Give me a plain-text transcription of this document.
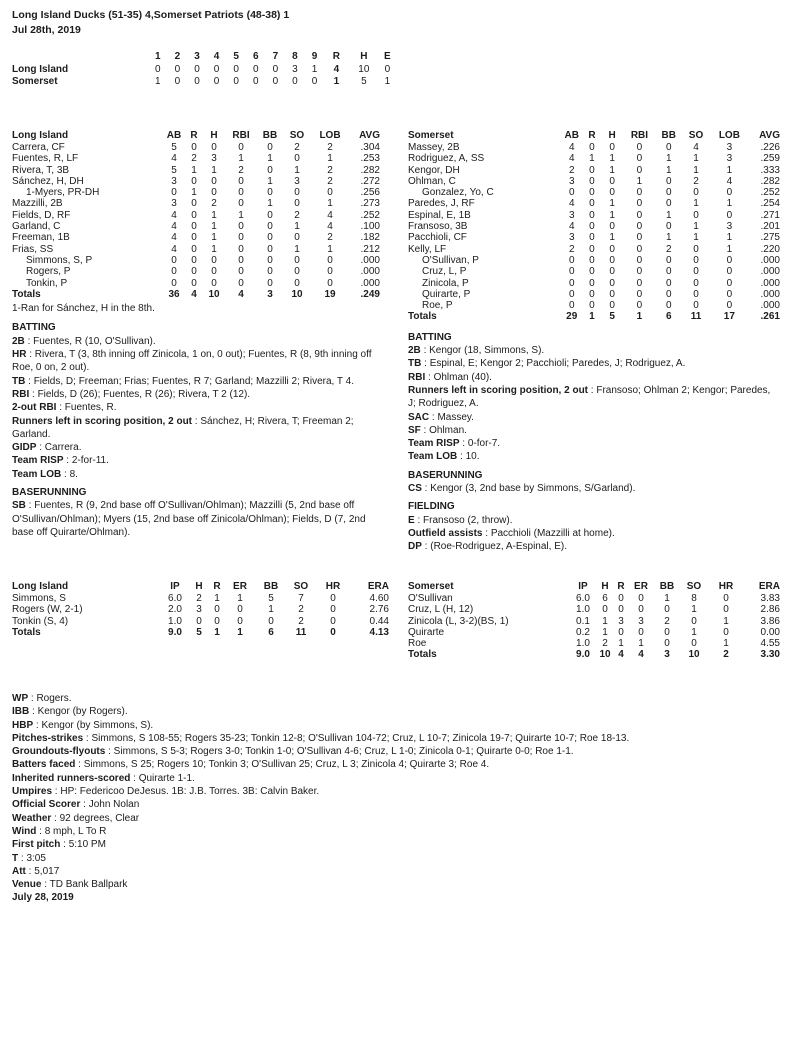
Long Island Ducks (51-35) 4,Somerset Patriots (48-38) 1
Jul 28th, 2019
	1	2	3	4	5	6	7	8	9	R	H	E
Long Island	0	0	0	0	0	0	0	3	1	4	10	0
Somerset	1	0	0	0	0	0	0	0	0	1	5	1
Long Island	AB	R	H	RBI	BB	SO	LOB	AVG
Carrera, CF	5	0	0	0	0	2	2	.304
Fuentes, R, LF	4	2	3	1	1	0	1	.253
Rivera, T, 3B	5	1	1	2	0	1	2	.282
Sánchez, H, DH	3	0	0	0	1	3	2	.272
1-Myers, PR-DH	0	1	0	0	0	0	0	.256
Mazzilli, 2B	3	0	2	0	1	0	1	.273
Fields, D, RF	4	0	1	1	0	2	4	.252
Garland, C	4	0	1	0	0	1	4	.100
Freeman, 1B	4	0	1	0	0	0	2	.182
Frias, SS	4	0	1	0	0	1	1	.212
Simmons, S, P	0	0	0	0	0	0	0	.000
Rogers, P	0	0	0	0	0	0	0	.000
Tonkin, P	0	0	0	0	0	0	0	.000
Totals	36	4	10	4	3	10	19	.249
1-Ran for Sánchez, H in the 8th.
BATTING
2B : Fuentes, R (10, O'Sullivan).
HR : Rivera, T (3, 8th inning off Zinicola, 1 on, 0 out); Fuentes, R (8, 9th inning off Roe, 0 on, 2 out).
TB : Fields, D; Freeman; Frias; Fuentes, R 7; Garland; Mazzilli 2; Rivera, T 4.
RBI : Fields, D (26); Fuentes, R (26); Rivera, T 2 (12).
2-out RBI : Fuentes, R.
Runners left in scoring position, 2 out : Sánchez, H; Rivera, T; Freeman 2; Garland.
GIDP : Carrera.
Team RISP : 2-for-11.
Team LOB : 8.
BASERUNNING
SB : Fuentes, R (9, 2nd base off O'Sullivan/Ohlman); Mazzilli (5, 2nd base off O'Sullivan/Ohlman); Myers (15, 2nd base off Zinicola/Ohlman); Fields, D (7, 2nd base off Quirarte/Ohlman).
Somerset	AB	R	H	RBI	BB	SO	LOB	AVG
Massey, 2B	4	0	0	0	0	4	3	.226
Rodriguez, A, SS	4	1	1	0	1	1	3	.259
Kengor, DH	2	0	1	0	1	1	1	.333
Ohlman, C	3	0	0	1	0	2	4	.282
Gonzalez, Yo, C	0	0	0	0	0	0	0	.252
Paredes, J, RF	4	0	1	0	0	1	1	.254
Espinal, E, 1B	3	0	1	0	1	0	0	.271
Fransoso, 3B	4	0	0	0	0	1	3	.201
Pacchioli, CF	3	0	1	0	1	1	1	.275
Kelly, LF	2	0	0	0	2	0	1	.220
O'Sullivan, P	0	0	0	0	0	0	0	.000
Cruz, L, P	0	0	0	0	0	0	0	.000
Zinicola, P	0	0	0	0	0	0	0	.000
Quirarte, P	0	0	0	0	0	0	0	.000
Roe, P	0	0	0	0	0	0	0	.000
Totals	29	1	5	1	6	11	17	.261
BATTING
2B : Kengor (18, Simmons, S).
TB : Espinal, E; Kengor 2; Pacchioli; Paredes, J; Rodriguez, A.
RBI : Ohlman (40).
Runners left in scoring position, 2 out : Fransoso; Ohlman 2; Kengor; Paredes, J; Rodriguez, A.
SAC : Massey.
SF : Ohlman.
Team RISP : 0-for-7.
Team LOB : 10.
BASERUNNING
CS : Kengor (3, 2nd base by Simmons, S/Garland).
FIELDING
E : Fransoso (2, throw).
Outfield assists : Pacchioli (Mazzilli at home).
DP : (Roe-Rodriguez, A-Espinal, E).
Long Island	IP	H	R	ER	BB	SO	HR	ERA
Simmons, S	6.0	2	1	1	5	7	0	4.60
Rogers (W, 2-1)	2.0	3	0	0	1	2	0	2.76
Tonkin (S, 4)	1.0	0	0	0	0	2	0	0.44
Totals	9.0	5	1	1	6	11	0	4.13
Somerset	IP	H	R	ER	BB	SO	HR	ERA
O'Sullivan	6.0	6	0	0	1	8	0	3.83
Cruz, L (H, 12)	1.0	0	0	0	0	1	0	2.86
Zinicola (L, 3-2)(BS, 1)	0.1	1	3	3	2	0	1	3.86
Quirarte	0.2	1	0	0	0	1	0	0.00
Roe	1.0	2	1	1	0	0	1	4.55
Totals	9.0	10	4	4	3	10	2	3.30
WP : Rogers.
IBB : Kengor (by Rogers).
HBP : Kengor (by Simmons, S).
Pitches-strikes : Simmons, S 108-55; Rogers 35-23; Tonkin 12-8; O'Sullivan 104-72; Cruz, L 10-7; Zinicola 19-7; Quirarte 10-7; Roe 18-13.
Groundouts-flyouts : Simmons, S 5-3; Rogers 3-0; Tonkin 1-0; O'Sullivan 4-6; Cruz, L 1-0; Zinicola 0-1; Quirarte 0-0; Roe 1-1.
Batters faced : Simmons, S 25; Rogers 10; Tonkin 3; O'Sullivan 25; Cruz, L 3; Zinicola 4; Quirarte 3; Roe 4.
Inherited runners-scored : Quirarte 1-1.
Umpires : HP: Federicoo DeJesus. 1B: J.B. Torres. 3B: Calvin Baker.
Official Scorer : John Nolan
Weather : 92 degrees, Clear
Wind : 8 mph, L To R
First pitch : 5:10 PM
T : 3:05
Att : 5,017
Venue : TD Bank Ballpark
July 28, 2019
